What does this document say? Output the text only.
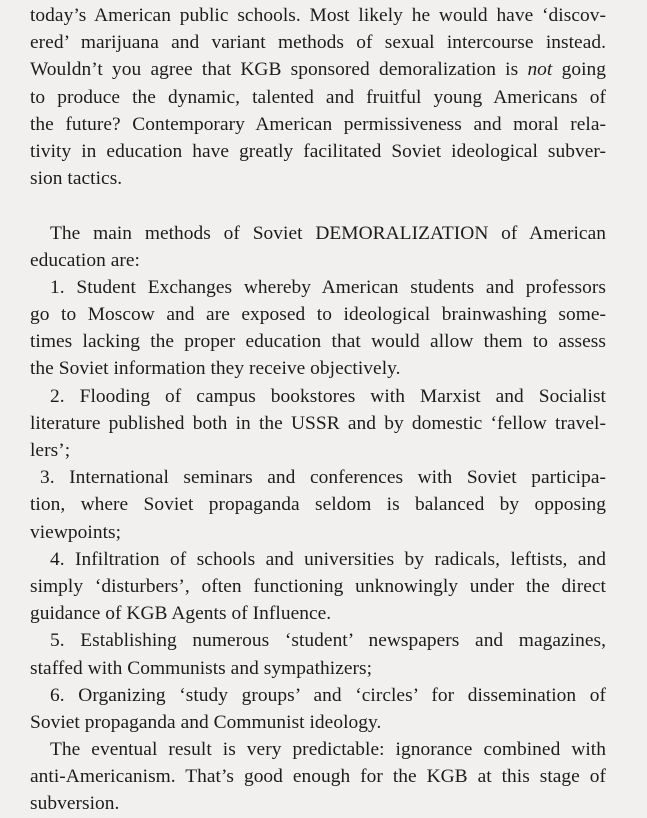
today’s American public schools. Most likely he would have ‘discov-
ered’ marijuana and variant methods of sexual intercourse instead.
Wouldn’t you agree that KGB sponsored demoralization is not going
to produce the dynamic, talented and fruitful young Americans of
the future? Contemporary American permissiveness and moral rela-
tivity in education have greatly facilitated Soviet ideological subver-
sion tactics.
The main methods of Soviet DEMORALIZATION of American
education are:
1. Student Exchanges whereby American students and professors
go to Moscow and are exposed to ideological brainwashing some-
times lacking the proper education that would allow them to assess
the Soviet information they receive objectively.
2. Flooding of campus bookstores with Marxist and Socialist
literature published both in the USSR and by domestic ‘fellow travel-
lers’;
3. International seminars and conferences with Soviet participa-
tion, where Soviet propaganda seldom is balanced by opposing
viewpoints;
4. Infiltration of schools and universities by radicals, leftists, and
simply ‘disturbers’, often functioning unknowingly under the direct
guidance of KGB Agents of Influence.
5. Establishing numerous ‘student’ newspapers and magazines,
staffed with Communists and sympathizers;
6. Organizing ‘study groups’ and ‘circles’ for dissemination of
Soviet propaganda and Communist ideology.
The eventual result is very predictable: ignorance combined with
anti-Americanism. That’s good enough for the KGB at this stage of
subversion.
